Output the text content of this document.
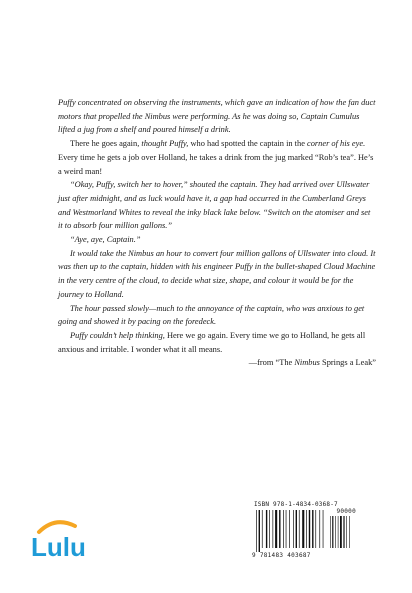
Puffy concentrated on observing the instruments, which gave an indication of how the fan duct motors that propelled the Nimbus were performing. As he was doing so, Captain Cumulus lifted a jug from a shelf and poured himself a drink.

There he goes again, thought Puffy, who had spotted the captain in the corner of his eye. Every time he gets a job over Holland, he takes a drink from the jug marked “Rob’s tea”. He’s a weird man!

“Okay, Puffy, switch her to hover,” shouted the captain. They had arrived over Ullswater just after midnight, and as luck would have it, a gap had occurred in the Cumberland Greys and Westmorland Whites to reveal the inky black lake below. “Switch on the atomiser and set it to absorb four million gallons.”

“Aye, aye, Captain.”

It would take the Nimbus an hour to convert four million gallons of Ullswater into cloud. It was then up to the captain, hidden with his engineer Puffy in the bullet-shaped Cloud Machine in the very centre of the cloud, to decide what size, shape, and colour it would be for the journey to Holland.

The hour passed slowly—much to the annoyance of the captain, who was anxious to get going and showed it by pacing on the foredeck.

Puffy couldn’t help thinking, Here we go again. Every time we go to Holland, he gets all anxious and irritable. I wonder what it all means.

—from “The Nimbus Springs a Leak”

Lulu
ISBN 978-1-4834-0368-7
9 781483 403687
90000
